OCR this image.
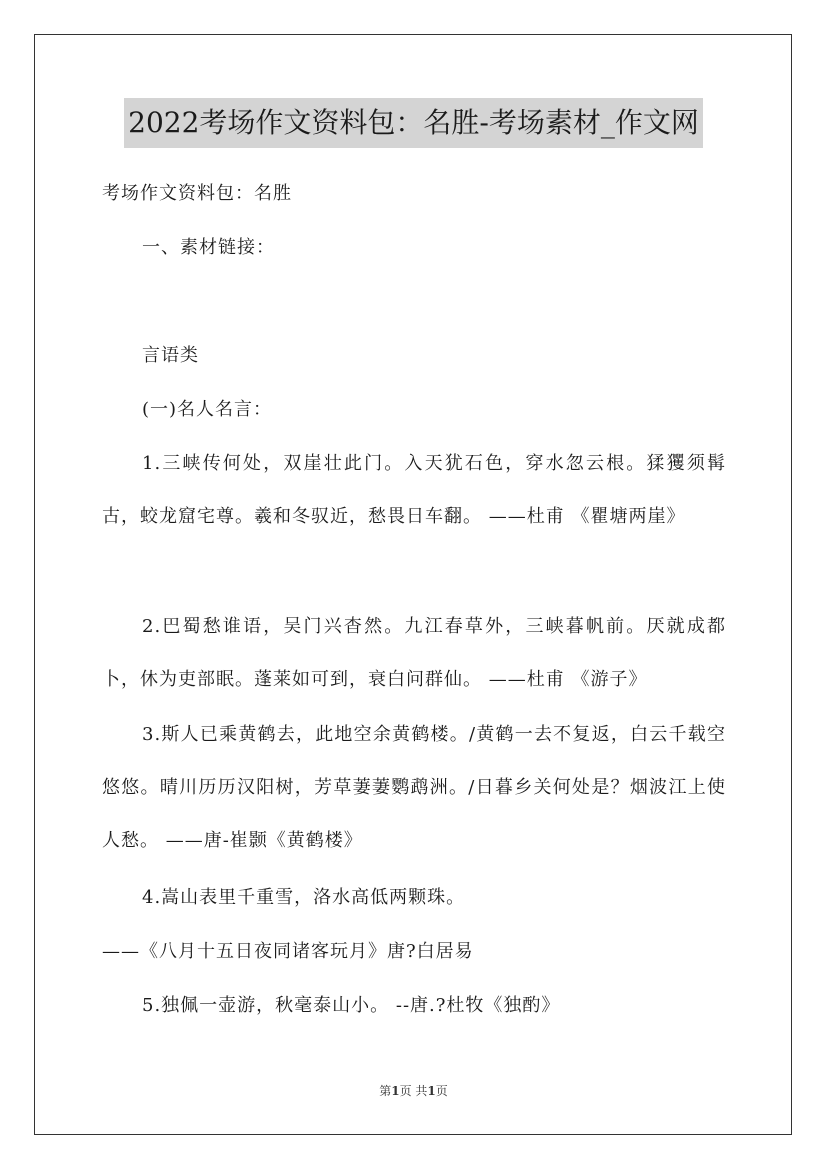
2022考场作文资料包：名胜-考场素材_作文网

考场作文资料包：名胜

一、素材链接：

言语类

(一)名人名言：

1.三峡传何处，双崖壮此门。入天犹石色，穿水忽云根。猱玃须髯古，蛟龙窟宅尊。羲和冬驭近，愁畏日车翻。 ——杜甫 《瞿塘两崖》

2.巴蜀愁谁语，吴门兴杳然。九江春草外，三峡暮帆前。厌就成都卜，休为吏部眠。蓬莱如可到，衰白问群仙。 ——杜甫 《游子》

3.斯人已乘黄鹤去，此地空余黄鹤楼。/黄鹤一去不复返，白云千载空悠悠。晴川历历汉阳树，芳草萋萋鹦鹉洲。/日暮乡关何处是？烟波江上使人愁。 ——唐-崔颢《黄鹤楼》

4.嵩山表里千重雪，洛水高低两颗珠。

——《八月十五日夜同诸客玩月》唐?白居易

5.独佩一壶游，秋毫泰山小。 --唐.?杜牧《独酌》

第1页 共1页
